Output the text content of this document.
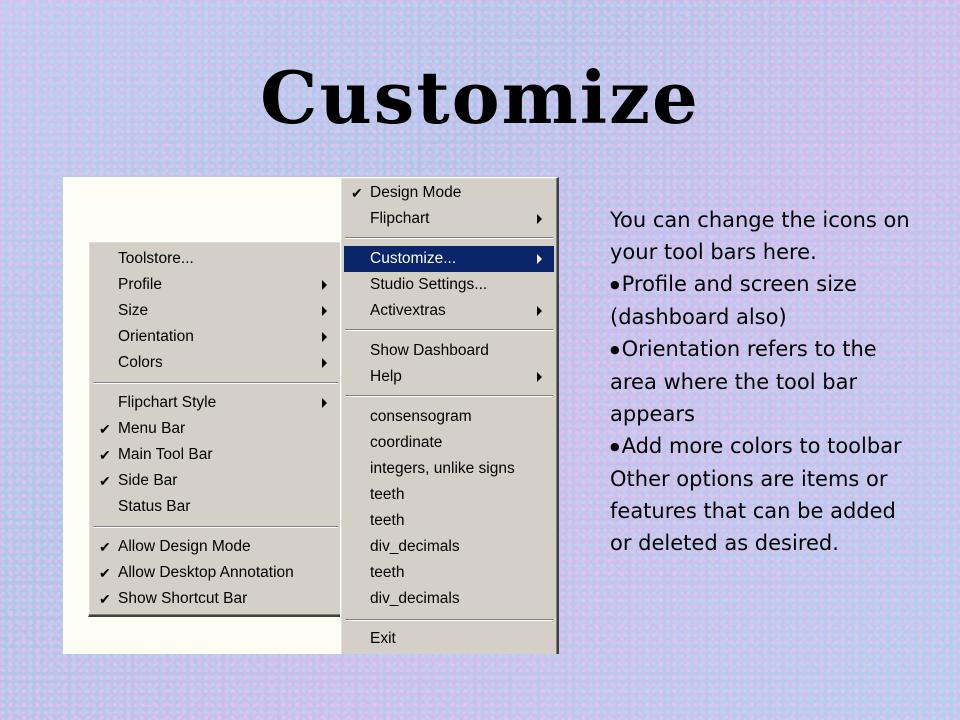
Customize
Toolstore...
Profile
Size
Orientation
Colors
Flipchart Style
✔ Menu Bar
✔ Main Tool Bar
✔ Side Bar
Status Bar
✔ Allow Design Mode
✔ Allow Desktop Annotation
✔ Show Shortcut Bar
✔ Design Mode
Flipchart
Customize...
Studio Settings...
Activextras
Show Dashboard
Help
consensogram
coordinate
integers, unlike signs
teeth
teeth
div_decimals
teeth
div_decimals
Exit

You can change the icons on your tool bars here.

●Profile and screen size (dashboard also)

●Orientation refers to the area where the tool bar appears

●Add more colors to toolbar

Other options are items or features that can be added or deleted as desired.
